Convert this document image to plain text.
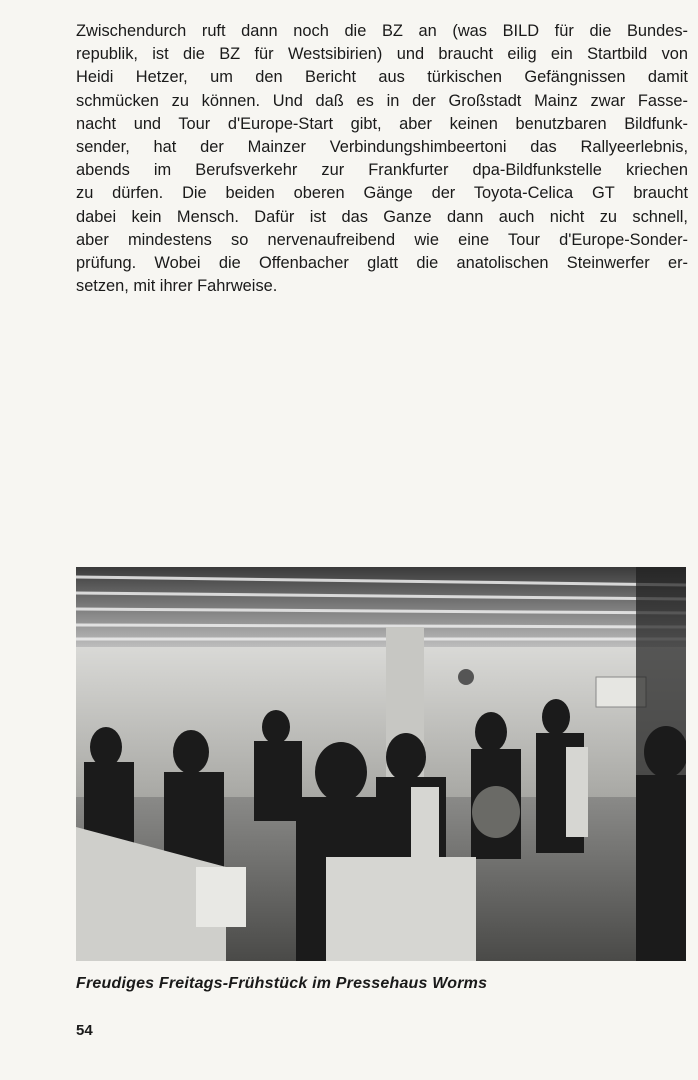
Zwischendurch ruft dann noch die BZ an (was BILD für die Bundes-
republik, ist die BZ für Westsibirien) und braucht eilig ein Startbild von
Heidi Hetzer, um den Bericht aus türkischen Gefängnissen damit
schmücken zu können. Und daß es in der Großstadt Mainz zwar Fasse-
nacht und Tour d'Europe-Start gibt, aber keinen benutzbaren Bildfunk-
sender, hat der Mainzer Verbindungshimbeertoni das Rallyeerlebnis,
abends im Berufsverkehr zur Frankfurter dpa-Bildfunkstelle kriechen
zu dürfen. Die beiden oberen Gänge der Toyota-Celica GT braucht
dabei kein Mensch. Dafür ist das Ganze dann auch nicht zu schnell,
aber mindestens so nervenaufreibend wie eine Tour d'Europe-Sonder-
prüfung. Wobei die Offenbacher glatt die anatolischen Steinwerfer er-
setzen, mit ihrer Fahrweise.

Freudiges Freitags-Frühstück im Pressehaus Worms

54
